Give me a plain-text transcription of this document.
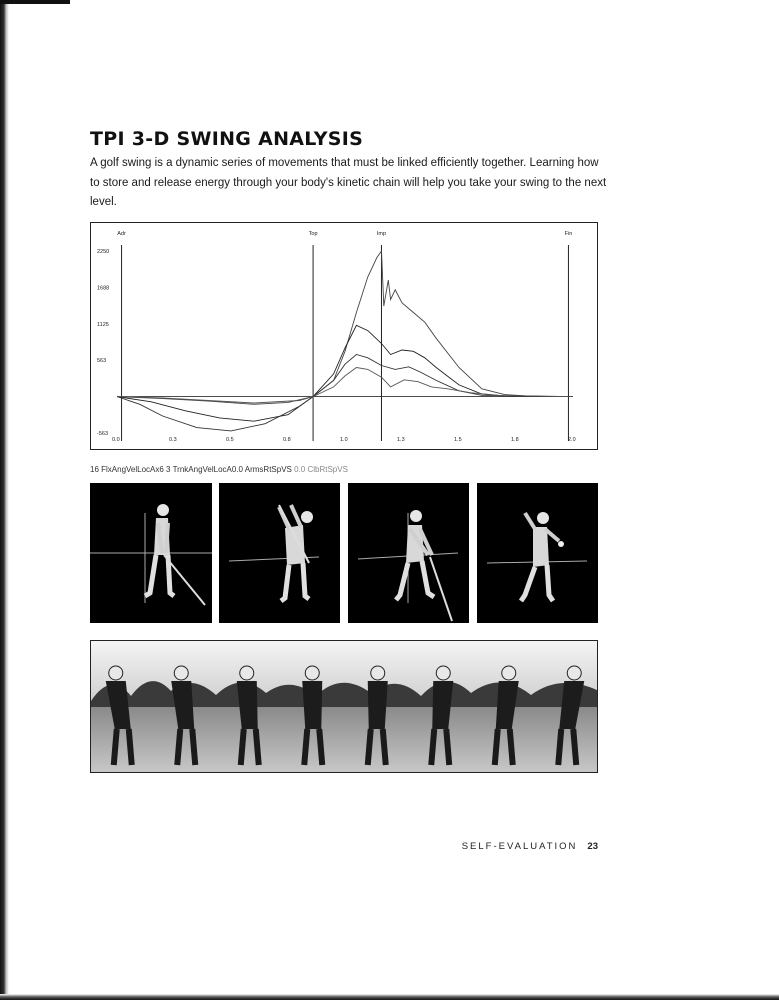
TPI 3-D SWING ANALYSIS

A golf swing is a dynamic series of movements that must be linked efficiently together. Learning how to store and release energy through your body's kinetic chain will help you take your swing to the next level.

Adr	Top	Imp	Fin
2250
1688
1125
563
-563
0.0	0.3	0.5	0.8	1.0	1.3	1.5	1.8	2.0
16 FlxAngVelLocAx6 3 TrnkAngVelLocA0.0 ArmsRtSpVS 0.0 ClbRtSpVS
SELF-EVALUATION 23
